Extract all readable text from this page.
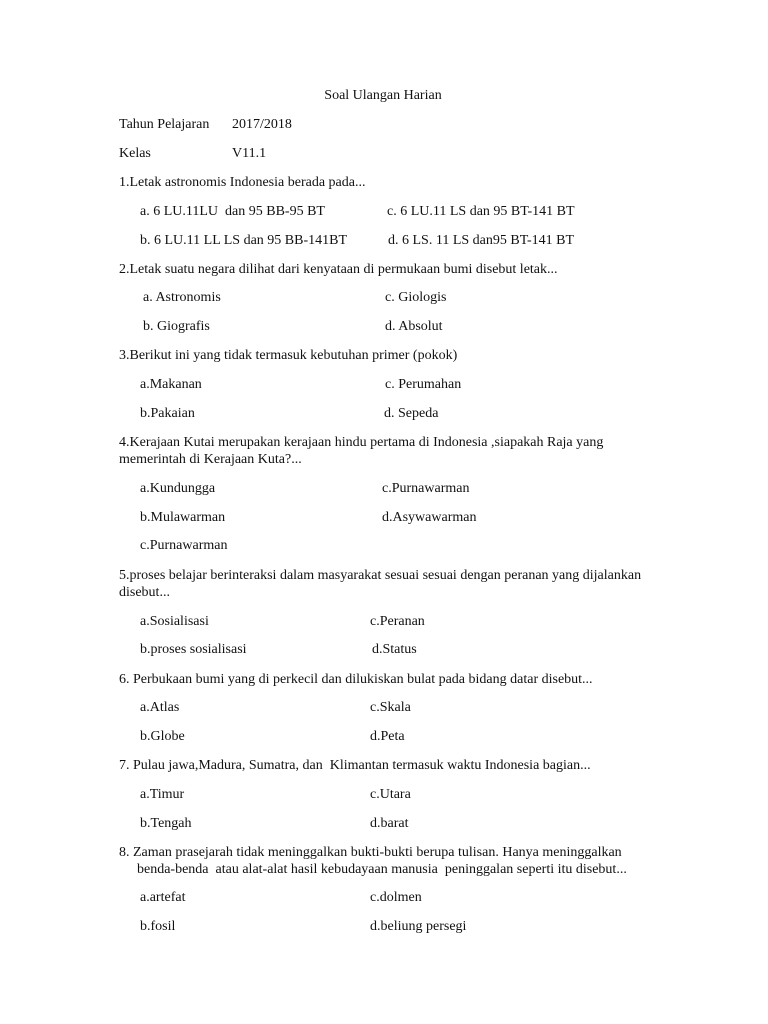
Soal Ulangan Harian
Tahun Pelajaran 2017/2018
Kelas	V11.1
1.Letak astronomis Indonesia berada pada...
a. 6 LU.11LU  dan 95 BB-95 BT	c. 6 LU.11 LS dan 95 BT-141 BT
b. 6 LU.11 LL LS dan 95 BB-141BT	d. 6 LS. 11 LS dan95 BT-141 BT
2.Letak suatu negara dilihat dari kenyataan di permukaan bumi disebut letak...
a. Astronomis	c. Giologis
b. Giografis	d. Absolut
3.Berikut ini yang tidak termasuk kebutuhan primer (pokok)
a.Makanan	c. Perumahan
b.Pakaian	d. Sepeda
4.Kerajaan Kutai merupakan kerajaan hindu pertama di Indonesia ,siapakah Raja yang
memerintah di Kerajaan Kuta?...
a.Kundungga	c.Purnawarman
b.Mulawarman	d.Asywawarman
c.Purnawarman
5.proses belajar berinteraksi dalam masyarakat sesuai sesuai dengan peranan yang dijalankan
disebut...
a.Sosialisasi	c.Peranan
b.proses sosialisasi	d.Status
6. Perbukaan bumi yang di perkecil dan dilukiskan bulat pada bidang datar disebut...
a.Atlas	c.Skala
b.Globe	d.Peta
7. Pulau jawa,Madura, Sumatra, dan  Klimantan termasuk waktu Indonesia bagian...
a.Timur	c.Utara
b.Tengah	d.barat
8. Zaman prasejarah tidak meninggalkan bukti-bukti berupa tulisan. Hanya meninggalkan
benda-benda  atau alat-alat hasil kebudayaan manusia  peninggalan seperti itu disebut...
a.artefat	c.dolmen
b.fosil	d.beliung persegi
